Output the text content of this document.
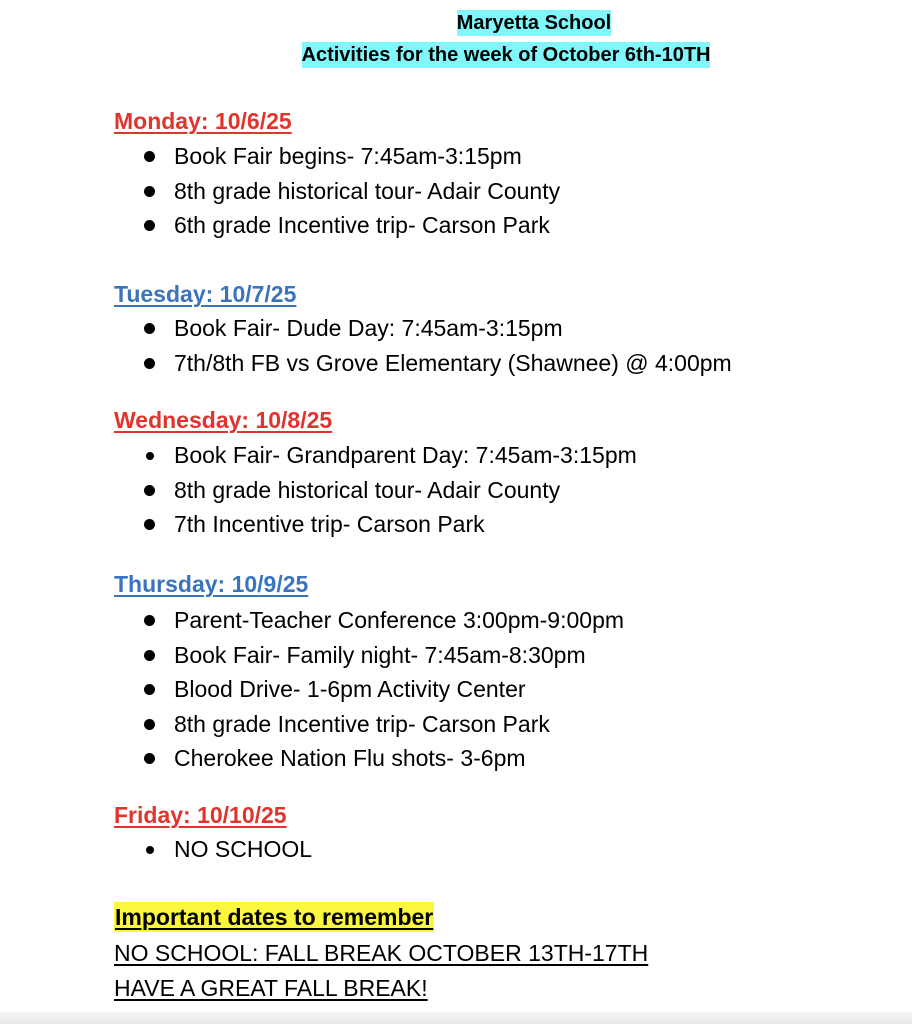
Maryetta School
Activities for the week of October 6th-10TH
Monday: 10/6/25
Book Fair begins- 7:45am-3:15pm
8th grade historical tour- Adair County
6th grade Incentive trip- Carson Park
Tuesday: 10/7/25
Book Fair- Dude Day: 7:45am-3:15pm
7th/8th FB vs Grove Elementary (Shawnee) @ 4:00pm
Wednesday: 10/8/25
Book Fair- Grandparent Day: 7:45am-3:15pm
8th grade historical tour- Adair County
7th Incentive trip- Carson Park
Thursday: 10/9/25
Parent-Teacher Conference 3:00pm-9:00pm
Book Fair- Family night- 7:45am-8:30pm
Blood Drive- 1-6pm Activity Center
8th grade Incentive trip- Carson Park
Cherokee Nation Flu shots- 3-6pm
Friday: 10/10/25
NO SCHOOL
Important dates to remember
NO SCHOOL: FALL BREAK OCTOBER 13TH-17TH
HAVE A GREAT FALL BREAK!
